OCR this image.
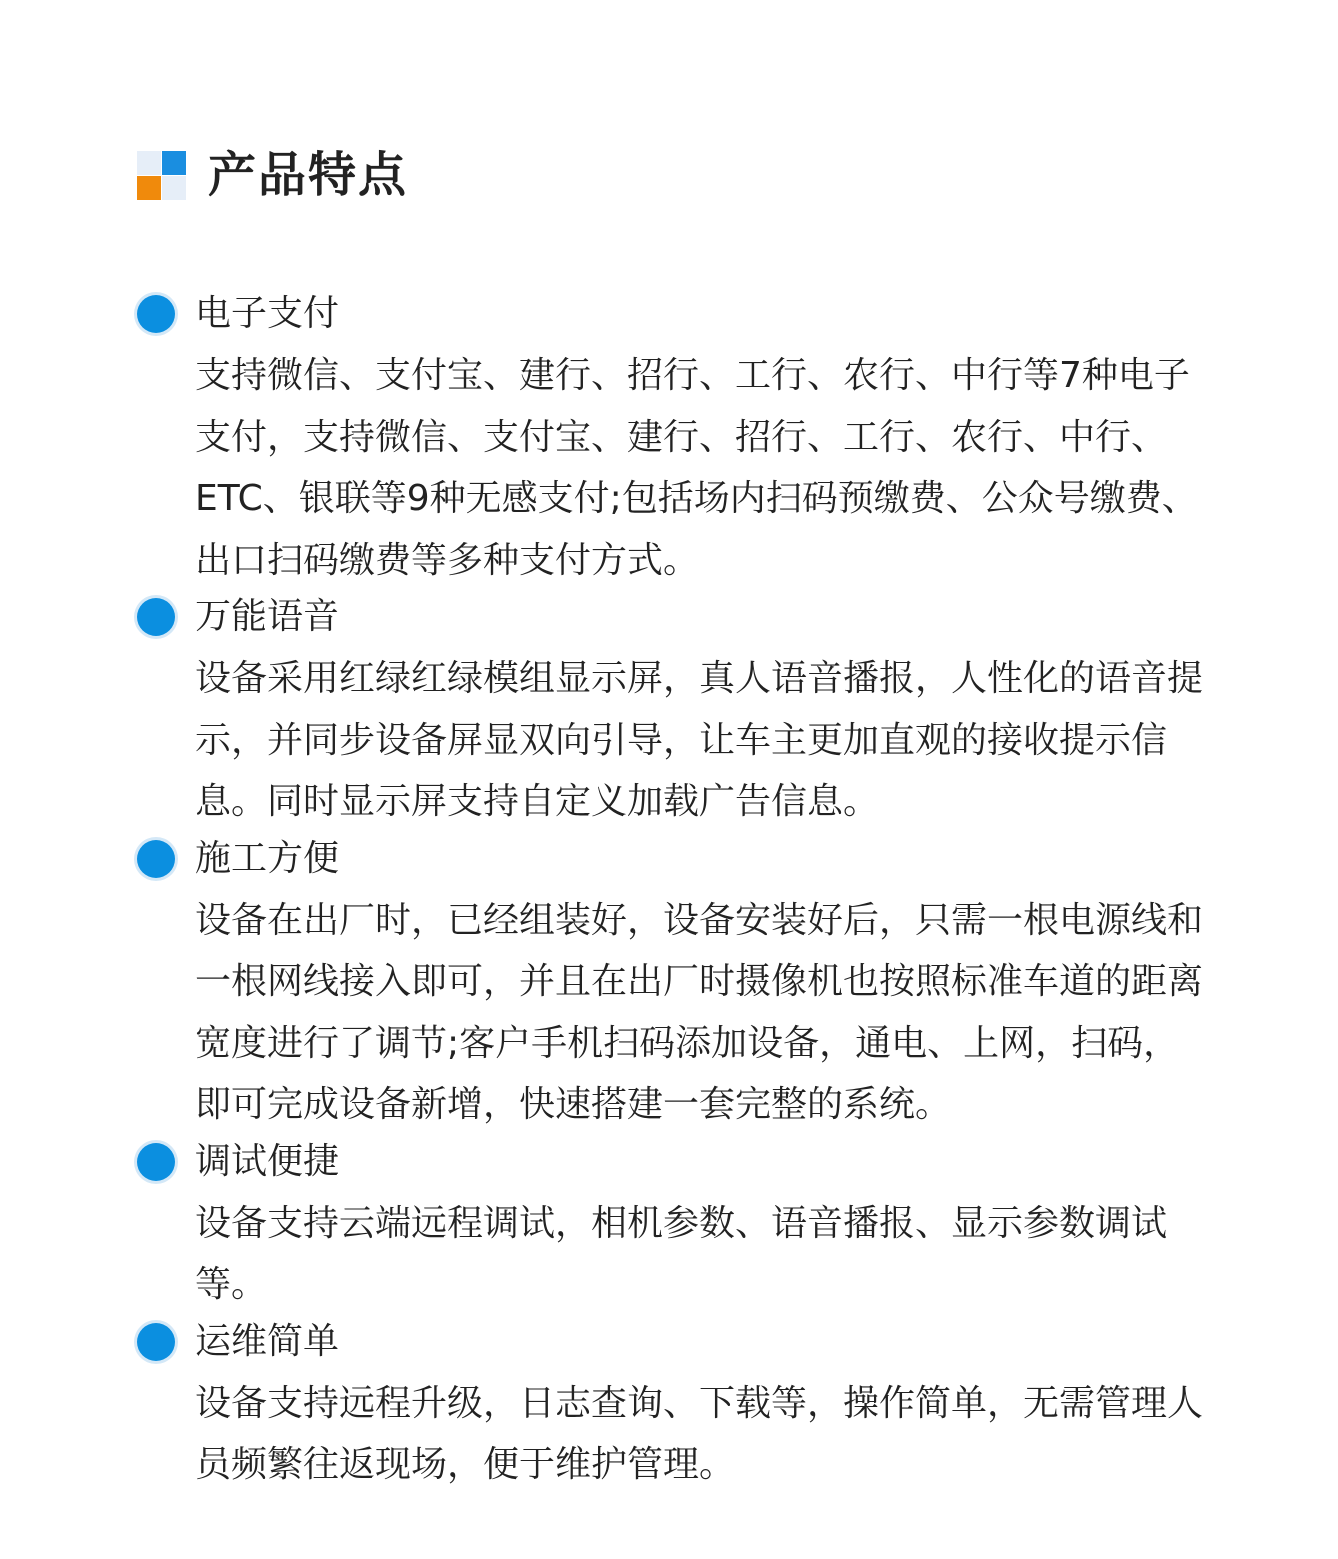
产品特点
电子支付

支持微信、支付宝、建行、招行、工行、农行、中行等7种电子支付，支持微信、支付宝、建行、招行、工行、农行、中行、ETC、银联等9种无感支付;包括场内扫码预缴费、公众号缴费、出口扫码缴费等多种支付方式。

万能语音

设备采用红绿红绿模组显示屏，真人语音播报，人性化的语音提示，并同步设备屏显双向引导，让车主更加直观的接收提示信息。同时显示屏支持自定义加载广告信息。

施工方便

设备在出厂时，已经组装好，设备安装好后，只需一根电源线和一根网线接入即可，并且在出厂时摄像机也按照标准车道的距离宽度进行了调节;客户手机扫码添加设备，通电、上网，扫码，即可完成设备新增，快速搭建一套完整的系统。

调试便捷

设备支持云端远程调试，相机参数、语音播报、显示参数调试等。

运维简单

设备支持远程升级，日志查询、下载等，操作简单，无需管理人员频繁往返现场，便于维护管理。
